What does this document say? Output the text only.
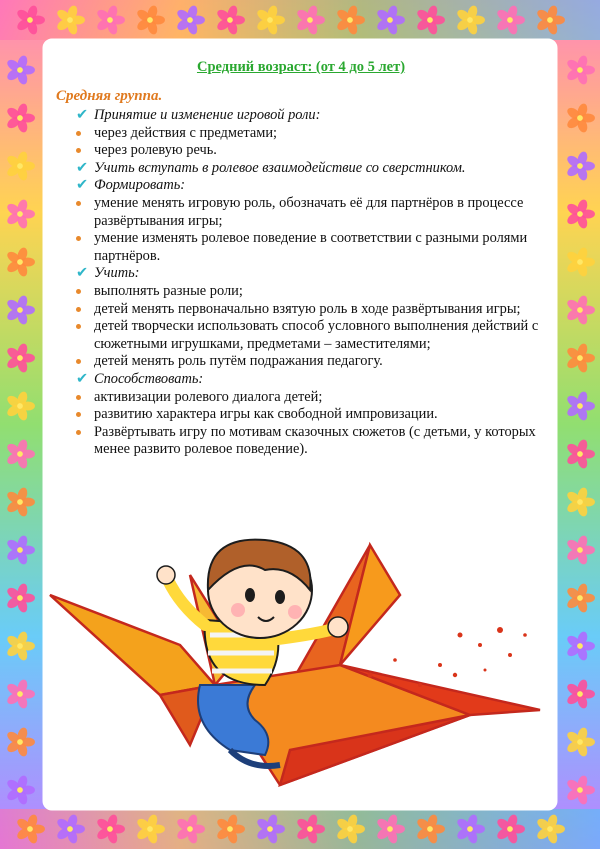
Средний возраст: (от 4 до 5 лет)
Средняя группа.
✔ Принятие и изменение игровой роли:
через действия с предметами;
через ролевую речь.
✔ Учить вступать в ролевое взаимодействие со сверстником.
✔ Формировать:
умение менять игровую роль, обозначать её для партнёров в процессе развёртывания игры;
умение изменять ролевое поведение в соответствии с разными ролями партнёров.
✔ Учить:
выполнять разные роли;
детей менять первоначально взятую роль в ходе развёртывания игры;
детей творчески использовать способ условного выполнения действий с сюжетными игрушками, предметами – заместителями;
детей менять роль путём подражания педагогу.
✔ Способствовать:
активизации ролевого диалога детей;
развитию характера игры как свободной импровизации.
Развёртывать игру по мотивам сказочных сюжетов (с детьми, у которых менее развито ролевое поведение).
